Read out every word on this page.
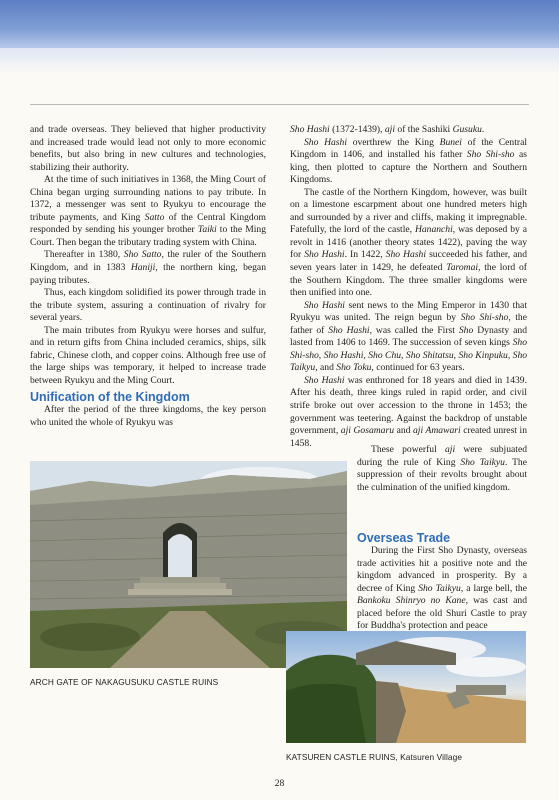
and trade overseas. They believed that higher productivity and increased trade would lead not only to more economic benefits, but also bring in new cultures and technologies, stabilizing their authority.

At the time of such initiatives in 1368, the Ming Court of China began urging surrounding nations to pay tribute. In 1372, a messenger was sent to Ryukyu to encourage the tribute payments, and King Satto of the Central Kingdom responded by sending his younger brother Taiki to the Ming Court. Then began the tributary trading system with China.

Thereafter in 1380, Sho Satto, the ruler of the Southern Kingdom, and in 1383 Haniji, the northern king, began paying tributes.

Thus, each kingdom solidified its power through trade in the tribute system, assuring a continuation of rivalry for several years.

The main tributes from Ryukyu were horses and sulfur, and in return gifts from China included ceramics, ships, silk fabric, Chinese cloth, and copper coins. Although free use of the large ships was temporary, it helped to increase trade between Ryukyu and the Ming Court.

Unification of the Kingdom

After the period of the three kingdoms, the key person who united the whole of Ryukyu was

Sho Hashi (1372-1439), aji of the Sashiki Gusuku.

Sho Hashi overthrew the King Bunei of the Central Kingdom in 1406, and installed his father Sho Shi-sho as king, then plotted to capture the Northern and Southern Kingdoms.

The castle of the Northern Kingdom, however, was built on a limestone escarpment about one hundred meters high and surrounded by a river and cliffs, making it impregnable. Fatefully, the lord of the castle, Hananchi, was deposed by a revolt in 1416 (another theory states 1422), paving the way for Sho Hashi. In 1422, Sho Hashi succeeded his father, and seven years later in 1429, he defeated Taromai, the lord of the Southern Kingdom. The three smaller kingdoms were then unified into one.

Sho Hashi sent news to the Ming Emperor in 1430 that Ryukyu was united. The reign begun by Sho Shi-sho, the father of Sho Hashi, was called the First Sho Dynasty and lasted from 1406 to 1469. The succession of seven kings Sho Shi-sho, Sho Hashi, Sho Chu, Sho Shitatsu, Sho Kinpuku, Sho Taikyu, and Sho Toku, continued for 63 years.

Sho Hashi was enthroned for 18 years and died in 1439. After his death, three kings ruled in rapid order, and civil strife broke out over accession to the throne in 1453; the government was teetering. Against the backdrop of unstable government, aji Gosamaru and aji Amawari created unrest in 1458.

These powerful aji were subjuated during the rule of King Sho Taikyu. The suppression of their revolts brought about the culmination of the unified kingdom.

Overseas Trade

During the First Sho Dynasty, overseas trade activities hit a positive note and the kingdom advanced in prosperity. By a decree of King Sho Taikyu, a large bell, the Bankoku Shinryo no Kane, was cast and placed before the old Shuri Castle to pray for Buddha's protection and peace

ARCH GATE OF NAKAGUSUKU CASTLE RUINS
KATSUREN CASTLE RUINS, Katsuren Village
28
